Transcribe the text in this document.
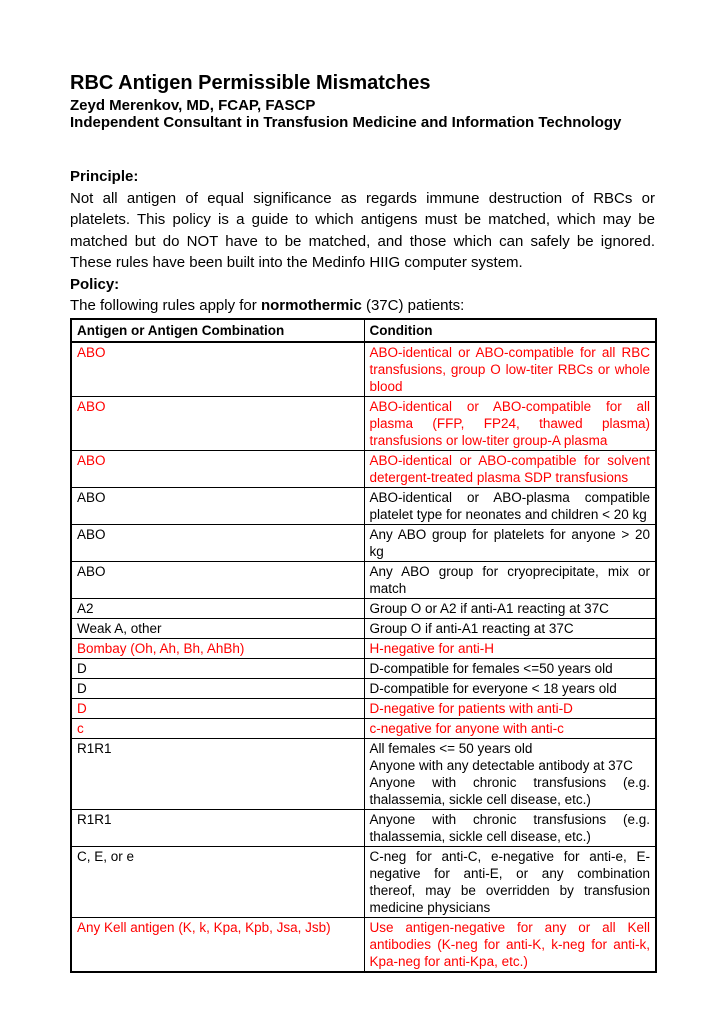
RBC Antigen Permissible Mismatches

Zeyd Merenkov, MD, FCAP, FASCP

Independent Consultant in Transfusion Medicine and Information Technology

Principle:

Not all antigen of equal significance as regards immune destruction of RBCs or platelets. This policy is a guide to which antigens must be matched, which may be matched but do NOT have to be matched, and those which can safely be ignored. These rules have been built into the Medinfo HIIG computer system.

Policy:

The following rules apply for normothermic (37C) patients:

Antigen or Antigen Combination	Condition
ABO	ABO-identical or ABO-compatible for all RBC transfusions, group O low-titer RBCs or whole blood

ABO	ABO-identical or ABO-compatible for all plasma (FFP, FP24, thawed plasma) transfusions or low-titer group-A plasma

ABO	ABO-identical or ABO-compatible for solvent detergent-treated plasma SDP transfusions

ABO	ABO-identical or ABO-plasma compatible platelet type for neonates and children < 20 kg

ABO	Any ABO group for platelets for anyone > 20 kg

ABO	Any ABO group for cryoprecipitate, mix or match

A2	Group O or A2 if anti-A1 reacting at 37C

Weak A, other	Group O if anti-A1 reacting at 37C

Bombay (Oh, Ah, Bh, AhBh)	H-negative for anti-H

D	D-compatible for females <=50 years old

D	D-compatible for everyone < 18 years old

D	D-negative for patients with anti-D

c	c-negative for anyone with anti-c

R1R1	All females <= 50 years old
Anyone with any detectable antibody at 37C
Anyone with chronic transfusions (e.g. thalassemia, sickle cell disease, etc.)

R1R1	Anyone with chronic transfusions (e.g. thalassemia, sickle cell disease, etc.)

C, E, or e	C-neg for anti-C, e-negative for anti-e, E-negative for anti-E, or any combination thereof, may be overridden by transfusion medicine physicians

Any Kell antigen (K, k, Kpa, Kpb, Jsa, Jsb)	Use antigen-negative for any or all Kell antibodies (K-neg for anti-K, k-neg for anti-k, Kpa-neg for anti-Kpa, etc.)
